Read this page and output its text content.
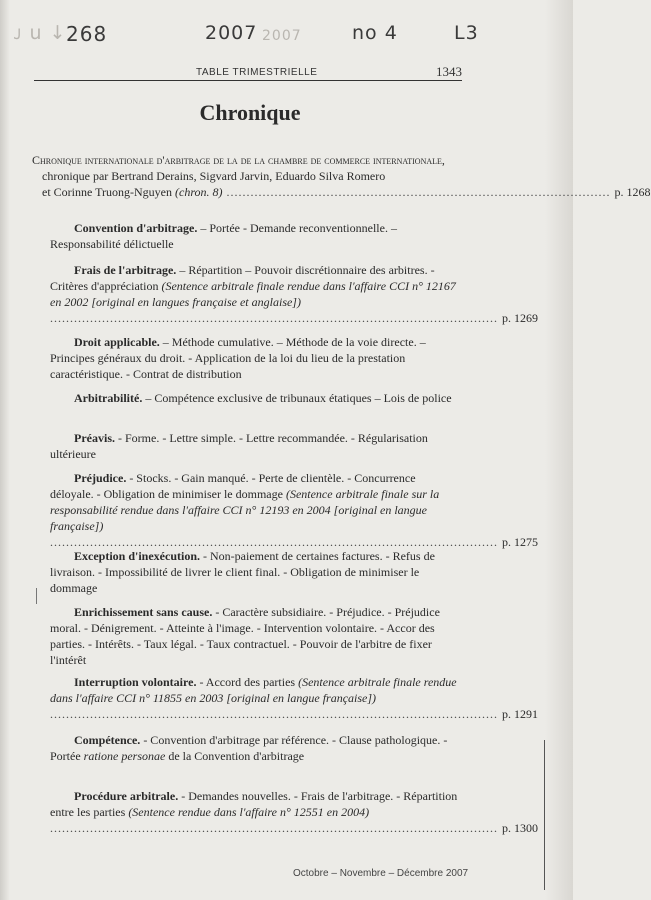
ᴊ u ↓ 268	2007 2007	no 4	L3
TABLE TRIMESTRIELLE	1343
Chronique
Chronique internationale d'arbitrage de la de la chambre de commerce internationale,
chronique par Bertrand Derains, Sigvard Jarvin, Eduardo Silva Romero
et Corinne Truong-Nguyen (chron. 8) ................................................................................................ p. 1268
Convention d'arbitrage. – Portée - Demande reconventionnelle. – Responsabilité délictuelle
Frais de l'arbitrage. – Répartition – Pouvoir discrétionnaire des arbitres. - Critères d'appréciation (Sentence arbitrale finale rendue dans l'affaire CCI n° 12167 en 2002 [original en langues française et anglaise])
................................................................................................................ p. 1269
Droit applicable. – Méthode cumulative. – Méthode de la voie directe. – Principes généraux du droit. - Application de la loi du lieu de la prestation caractéristique. - Contrat de distribution
Arbitrabilité. – Compétence exclusive de tribunaux étatiques – Lois de police
Préavis. - Forme. - Lettre simple. - Lettre recommandée. - Régularisation ultérieure
Préjudice. - Stocks. - Gain manqué. - Perte de clientèle. - Concurrence déloyale. - Obligation de minimiser le dommage (Sentence arbitrale finale sur la responsabilité rendue dans l'affaire CCI n° 12193 en 2004 [original en langue française])
................................................................................................................ p. 1275
Exception d'inexécution. - Non-paiement de certaines factures. - Refus de livraison. - Impossibilité de livrer le client final. - Obligation de minimiser le dommage
Enrichissement sans cause. - Caractère subsidiaire. - Préjudice. - Préjudice moral. - Dénigrement. - Atteinte à l'image. - Intervention volontaire. - Accor des parties. - Intérêts. - Taux légal. - Taux contractuel. - Pouvoir de l'arbitre de fixer l'intérêt
Interruption volontaire. - Accord des parties (Sentence arbitrale finale rendue dans l'affaire CCI n° 11855 en 2003 [original en langue française])
................................................................................................................ p. 1291
Compétence. - Convention d'arbitrage par référence. - Clause pathologique. - Portée ratione personae de la Convention d'arbitrage
Procédure arbitrale. - Demandes nouvelles. - Frais de l'arbitrage. - Répartition entre les parties (Sentence rendue dans l'affaire n° 12551 en 2004)
................................................................................................................ p. 1300
Octobre – Novembre – Décembre 2007
